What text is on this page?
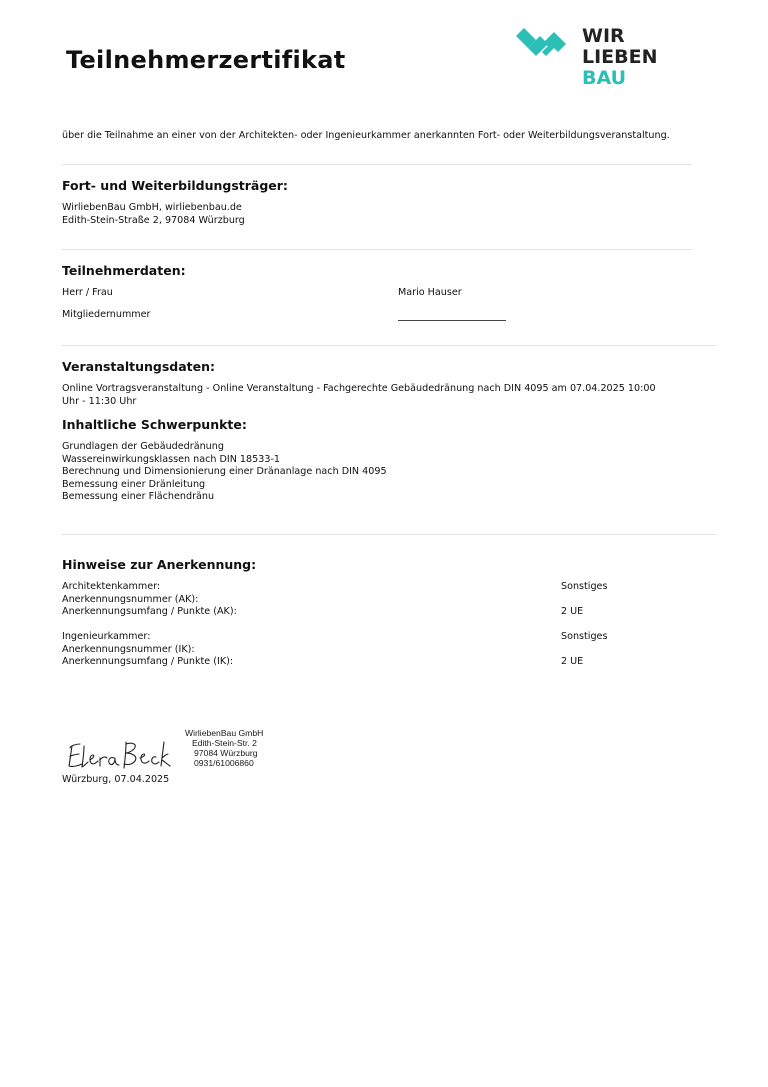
Teilnehmerzertifikat
WIR
LIEBEN
BAU
über die Teilnahme an einer von der Architekten- oder Ingenieurkammer anerkannten Fort- oder Weiterbildungsveranstaltung.
Fort- und Weiterbildungsträger:
WirliebenBau GmbH, wirliebenbau.de
Edith-Stein-Straße 2, 97084 Würzburg
Teilnehmerdaten:
Herr / Frau	Mario Hauser
Mitgliedernummer
Veranstaltungsdaten:
Online Vortragsveranstaltung - Online Veranstaltung - Fachgerechte Gebäudedränung nach DIN 4095 am 07.04.2025 10:00
Uhr - 11:30 Uhr
Inhaltliche Schwerpunkte:
Grundlagen der Gebäudedränung
Wassereinwirkungsklassen nach DIN 18533-1
Berechnung und Dimensionierung einer Dränanlage nach DIN 4095
Bemessung einer Dränleitung
Bemessung einer Flächendränu
Hinweise zur Anerkennung:
Architektenkammer:	Sonstiges
Anerkennungsnummer (AK):
Anerkennungsumfang / Punkte (AK):	2 UE
Ingenieurkammer:	Sonstiges
Anerkennungsnummer (IK):
Anerkennungsumfang / Punkte (IK):	2 UE
WirliebenBau GmbH
Edith-Stein-Str. 2
97084 Würzburg
0931/61006860
Würzburg, 07.04.2025
